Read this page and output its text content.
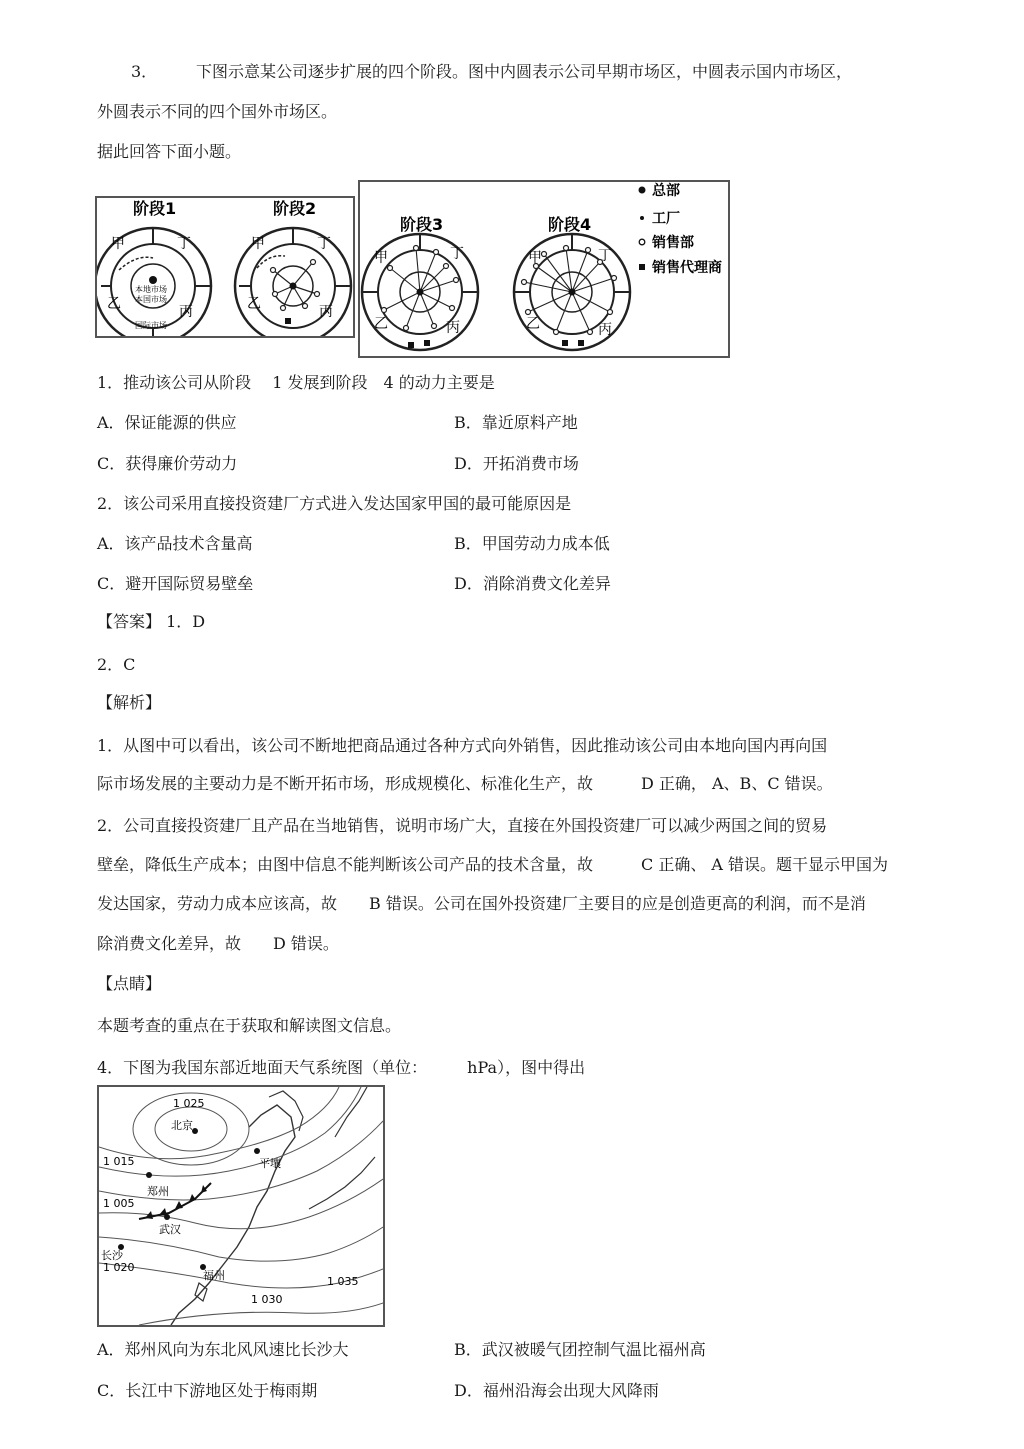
3． 下图示意某公司逐步扩展的四个阶段。图中内圆表示公司早期市场区，中圆表示国内市场区，
外圆表示不同的四个国外市场区。
据此回答下面小题。
阶段1
甲	丁
乙	丙
本地市场
本国市场
国际市场
阶段2
甲	丁
乙	丙
阶段3
甲	丁
乙	丙
阶段4
甲	丁
乙	丙
总部
工厂
销售部
销售代理商
1．推动该公司从阶段　 1 发展到阶段　4 的动力主要是
A．保证能源的供应	B．靠近原料产地
C．获得廉价劳动力	D．开拓消费市场
2．该公司采用直接投资建厂方式进入发达国家甲国的最可能原因是
A．该产品技术含量高	B．甲国劳动力成本低
C．避开国际贸易壁垒	D．消除消费文化差异
【答案】 1．D
2．C
【解析】
1．从图中可以看出，该公司不断地把商品通过各种方式向外销售，因此推动该公司由本地向国内再向国
际市场发展的主要动力是不断开拓市场，形成规模化、标准化生产，故　　　D 正确， A、B、C 错误。
2．公司直接投资建厂且产品在当地销售，说明市场广大，直接在外国投资建厂可以减少两国之间的贸易
壁垒，降低生产成本；由图中信息不能判断该公司产品的技术含量，故　　　C 正确、 A 错误。题干显示甲国为
发达国家，劳动力成本应该高，故　　B 错误。公司在国外投资建厂主要目的应是创造更高的利润，而不是消
除消费文化差异，故　　D 错误。
【点睛】
本题考查的重点在于获取和解读图文信息。
4．下图为我国东部近地面天气系统图（单位：　　　hPa），图中得出
1 025
1 015
1 005
1 020
1 030
1 035
北京
平壤
郑州
武汉
长沙
福州
A．郑州风向为东北风风速比长沙大	B．武汉被暖气团控制气温比福州高
C．长江中下游地区处于梅雨期	D．福州沿海会出现大风降雨
